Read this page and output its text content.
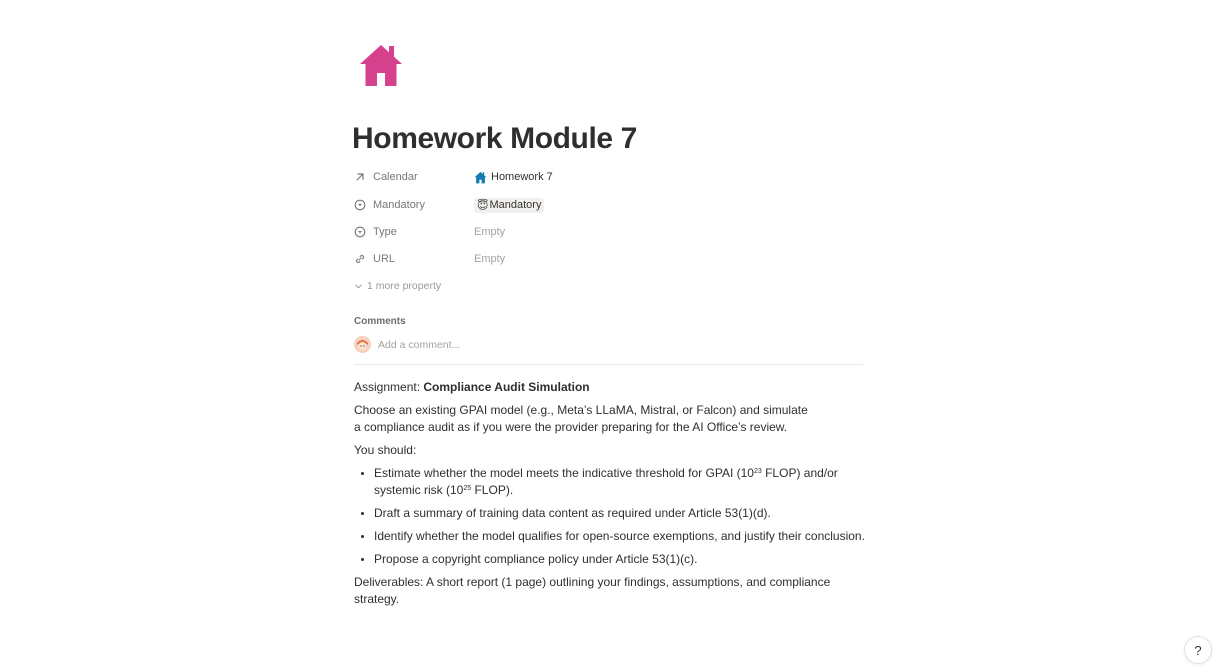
Homework Module 7
Calendar	Homework 7
Mandatory	😇 Mandatory
Type	Empty
URL	Empty
1 more property
Comments
Add a comment...

Assignment: Compliance Audit Simulation

Choose an existing GPAI model (e.g., Meta’s LLaMA, Mistral, or Falcon) and simulate a compliance audit as if you were the provider preparing for the AI Office’s review.

You should:

• Estimate whether the model meets the indicative threshold for GPAI ($10^{23}$ FLOP) and/or systemic risk ($10^{25}$ FLOP).
• Draft a summary of training data content as required under Article 53(1)(d).
• Identify whether the model qualifies for open-source exemptions, and justify their conclusion.
• Propose a copyright compliance policy under Article 53(1)(c).

Deliverables: A short report (1 page) outlining your findings, assumptions, and compliance strategy.

?
